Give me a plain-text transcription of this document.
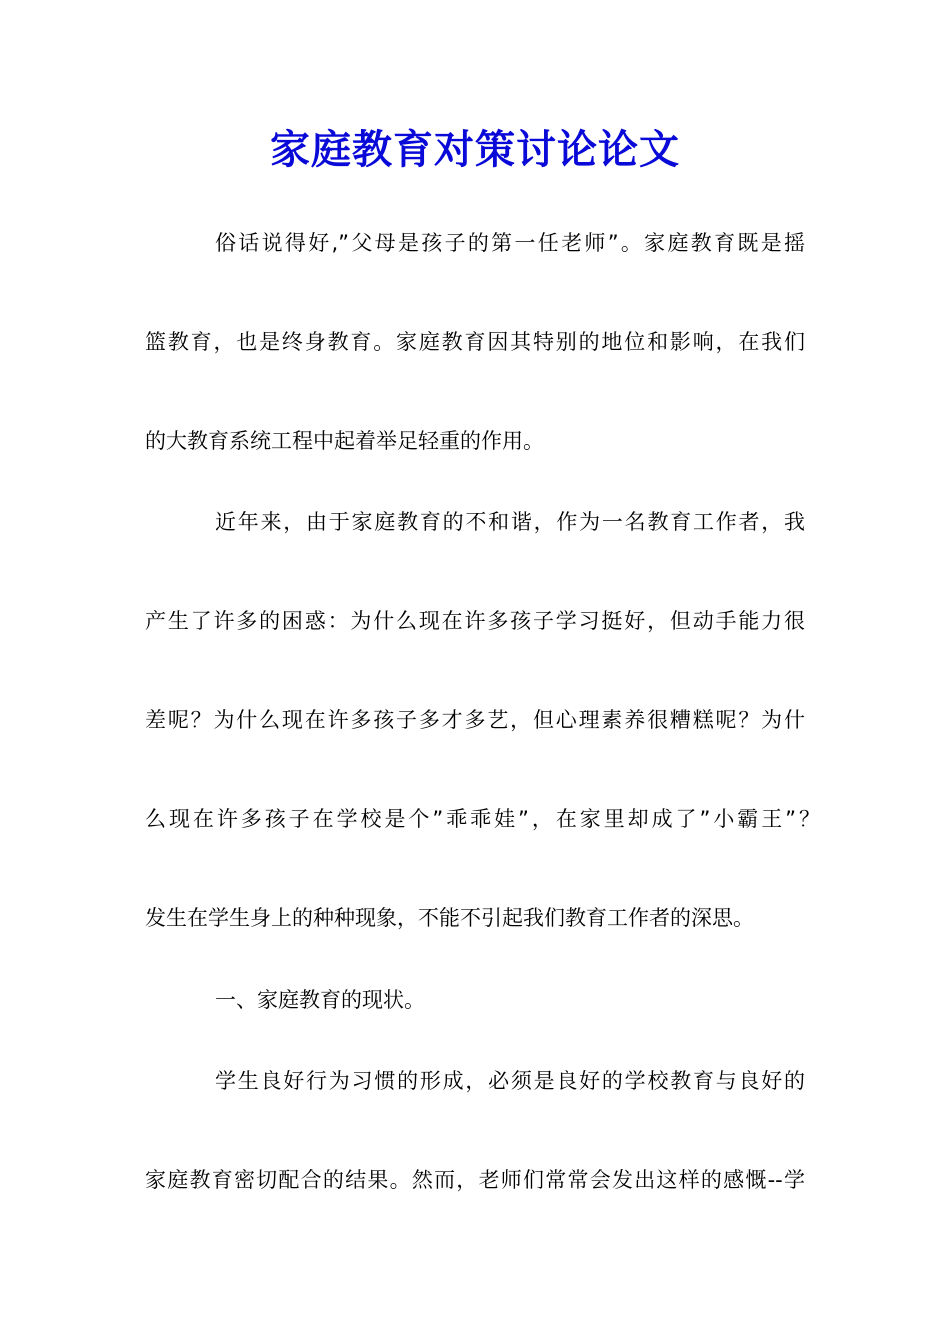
家庭教育对策讨论论文
俗话说得好,”父母是孩子的第一任老师”。家庭教育既是摇
篮教育，也是终身教育。家庭教育因其特别的地位和影响，在我们
的大教育系统工程中起着举足轻重的作用。
近年来，由于家庭教育的不和谐，作为一名教育工作者，我
产生了许多的困惑：为什么现在许多孩子学习挺好，但动手能力很
差呢？为什么现在许多孩子多才多艺，但心理素养很糟糕呢？为什
么现在许多孩子在学校是个”乖乖娃”，在家里却成了”小霸王”？
发生在学生身上的种种现象，不能不引起我们教育工作者的深思。
一、家庭教育的现状。
学生良好行为习惯的形成，必须是良好的学校教育与良好的
家庭教育密切配合的结果。然而，老师们常常会发出这样的感慨--学
